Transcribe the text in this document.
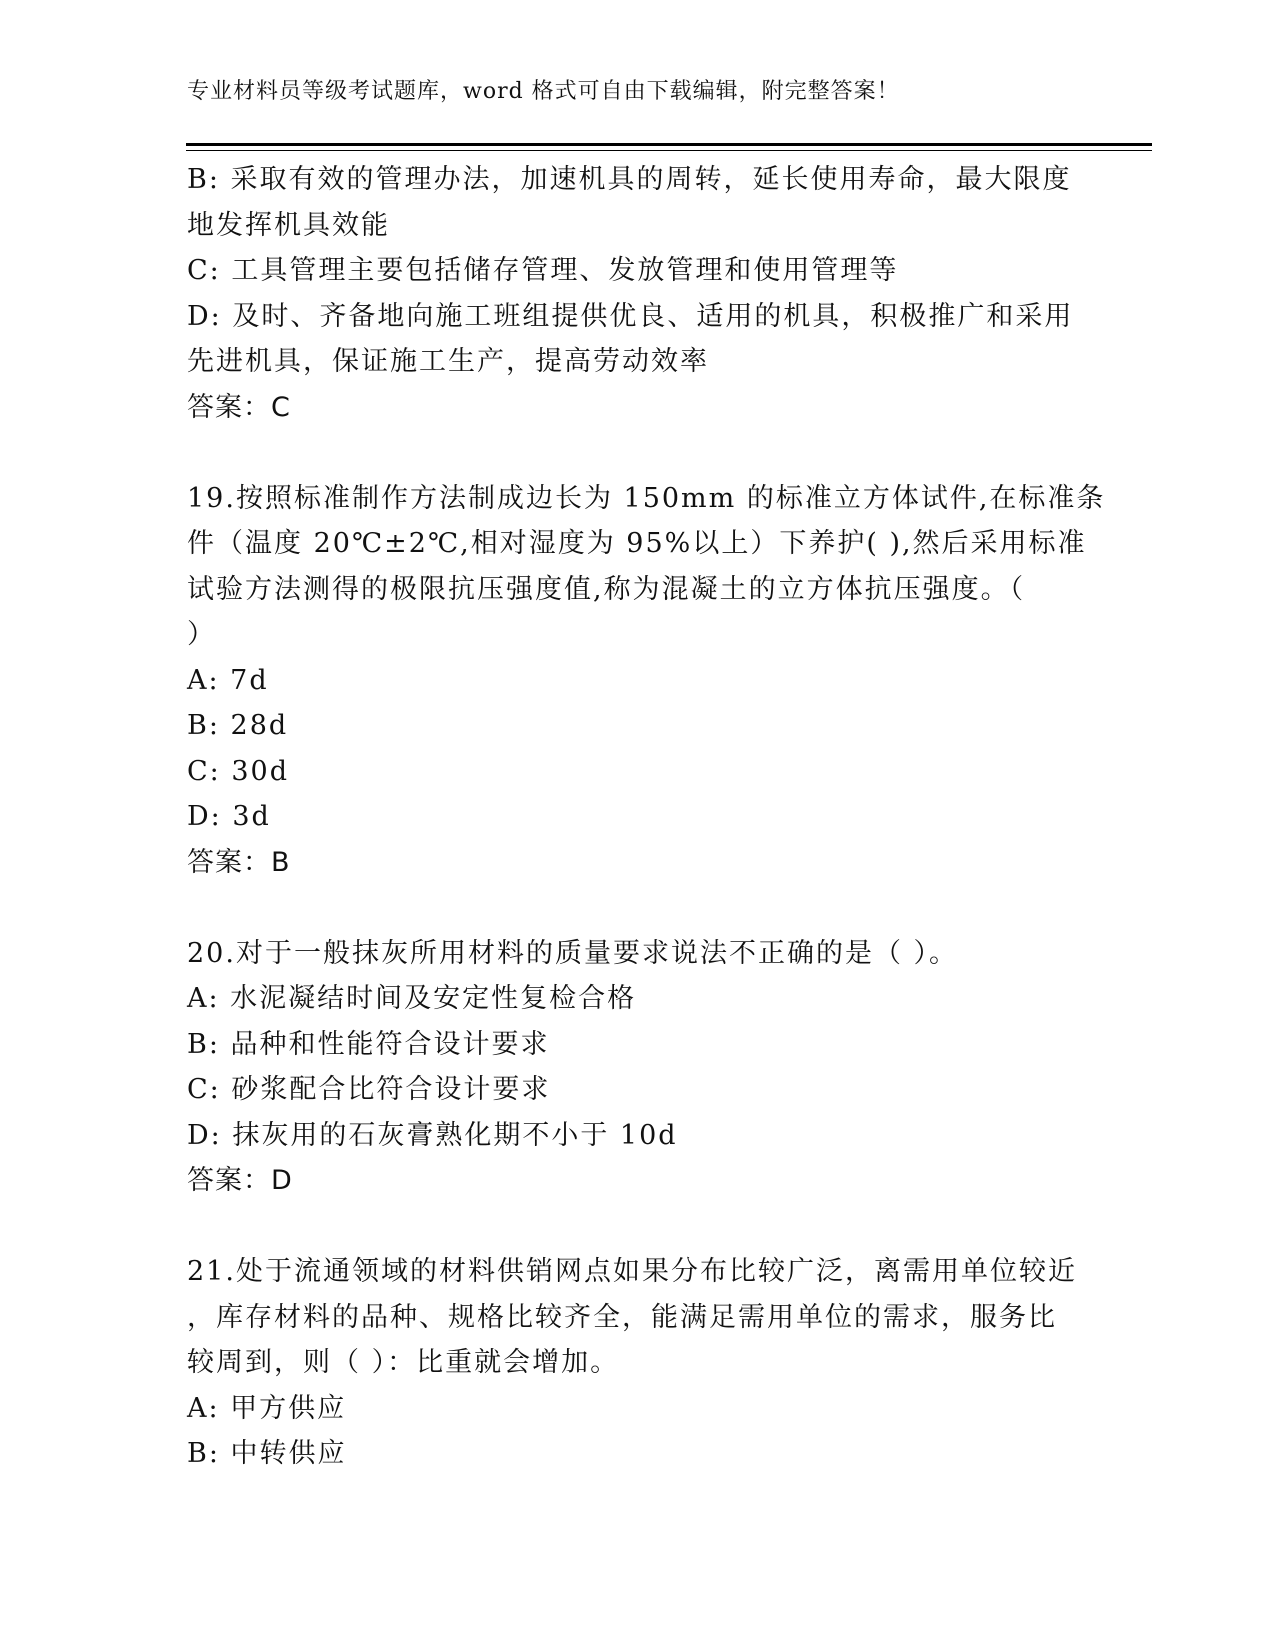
专业材料员等级考试题库，word 格式可自由下载编辑，附完整答案！
B: 采取有效的管理办法，加速机具的周转，延长使用寿命，最大限度
地发挥机具效能
C: 工具管理主要包括储存管理、发放管理和使用管理等
D: 及时、齐备地向施工班组提供优良、适用的机具，积极推广和采用
先进机具，保证施工生产，提高劳动效率
答案：C
19.按照标准制作方法制成边长为 150mm 的标准立方体试件,在标准条
件（温度 20℃±2℃,相对湿度为 95%以上）下养护( ),然后采用标准
试验方法测得的极限抗压强度值,称为混凝土的立方体抗压强度。（
）
A: 7d
B: 28d
C: 30d
D: 3d
答案：B
20.对于一般抹灰所用材料的质量要求说法不正确的是（ ）。
A: 水泥凝结时间及安定性复检合格
B: 品种和性能符合设计要求
C: 砂浆配合比符合设计要求
D: 抹灰用的石灰膏熟化期不小于 10d
答案：D
21.处于流通领域的材料供销网点如果分布比较广泛，离需用单位较近
，库存材料的品种、规格比较齐全，能满足需用单位的需求，服务比
较周到，则（ ）：比重就会增加。
A: 甲方供应
B: 中转供应
